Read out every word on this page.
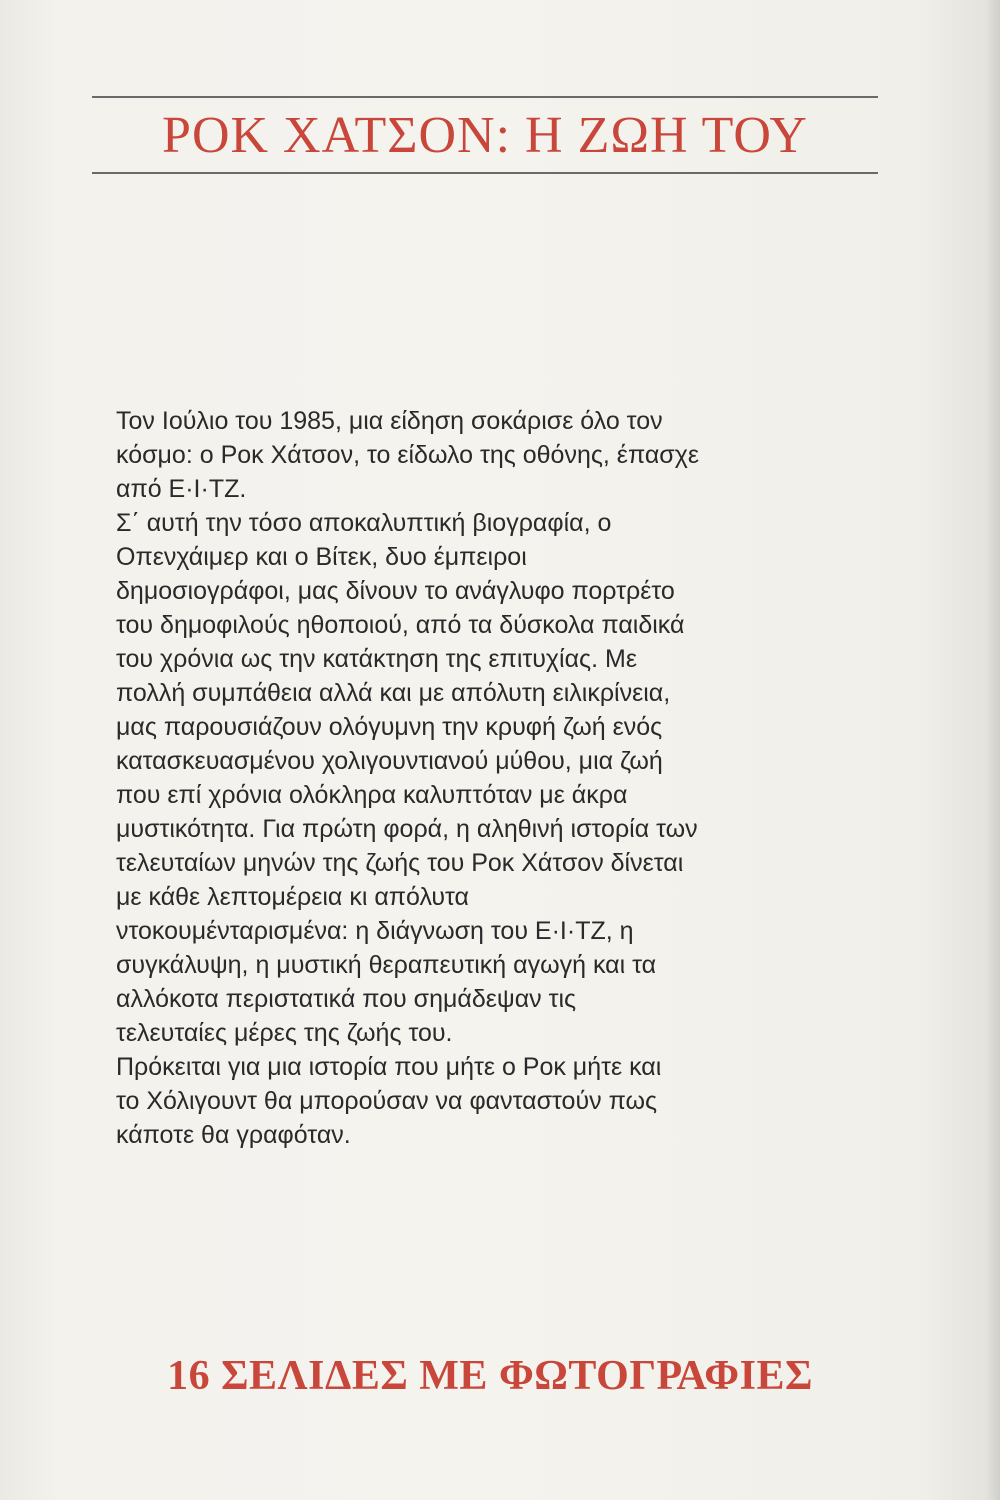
ΡΟΚ ΧΑΤΣΟΝ: Η ΖΩΗ ΤΟΥ

Τον Ιούλιο του 1985, μια είδηση σοκάρισε όλο τον
κόσμο: ο Ροκ Χάτσον, το είδωλο της οθόνης, έπασχε
από Ε·Ι·ΤΖ.

Σ΄ αυτή την τόσο αποκαλυπτική βιογραφία, ο
Οπενχάιμερ και ο Βίτεκ, δυο έμπειροι
δημοσιογράφοι, μας δίνουν το ανάγλυφο πορτρέτο
του δημοφιλούς ηθοποιού, από τα δύσκολα παιδικά
του χρόνια ως την κατάκτηση της επιτυχίας. Με
πολλή συμπάθεια αλλά και με απόλυτη ειλικρίνεια,
μας παρουσιάζουν ολόγυμνη την κρυφή ζωή ενός
κατασκευασμένου χολιγουντιανού μύθου, μια ζωή
που επί χρόνια ολόκληρα καλυπτόταν με άκρα
μυστικότητα. Για πρώτη φορά, η αληθινή ιστορία των
τελευταίων μηνών της ζωής του Ροκ Χάτσον δίνεται
με κάθε λεπτομέρεια κι απόλυτα
ντοκουμένταρισμένα: η διάγνωση του Ε·Ι·ΤΖ, η
συγκάλυψη, η μυστική θεραπευτική αγωγή και τα
αλλόκοτα περιστατικά που σημάδεψαν τις
τελευταίες μέρες της ζωής του.

Πρόκειται για μια ιστορία που μήτε ο Ροκ μήτε και
το Χόλιγουντ θα μπορούσαν να φανταστούν πως
κάποτε θα γραφόταν.

16 ΣΕΛΙΔΕΣ ΜΕ ΦΩΤΟΓΡΑΦΙΕΣ
